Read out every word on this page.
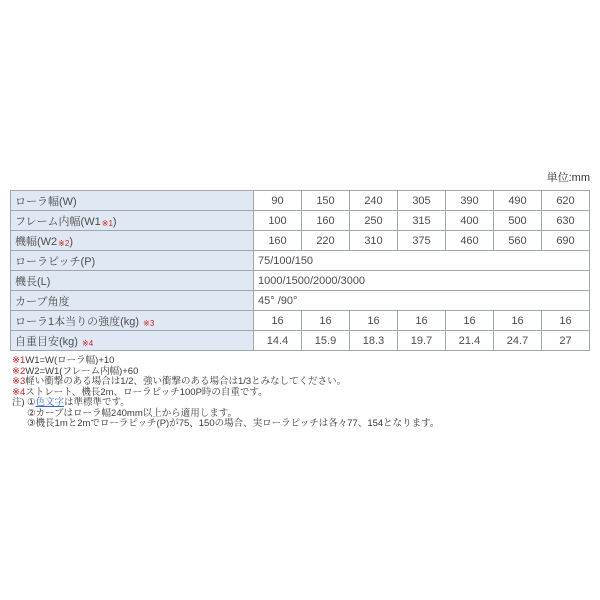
単位:mm
ローラ幅(W)	90	150	240	305	390	490	620
フレーム内幅(W1※1)	100	160	250	315	400	500	630
機幅(W2※2)	160	220	310	375	460	560	690
ローラピッチ(P)	75/100/150						
機長(L)	1000/1500/2000/3000						
カーブ角度	45° /90°						
ローラ1本当りの強度(kg) ※3	16	16	16	16	16	16	16
自重目安(kg) ※4	14.4	15.9	18.3	19.7	21.4	24.7	27
※1W1=W(ローラ幅)+10
※2W2=W1(フレーム内幅)+60
※3軽い衝撃のある場合は1/2、強い衝撃のある場合は1/3とみなしてください。
※4ストレート、機長2m、ローラピッチ100P時の自重です。
注) ①色文字は準標準です。
②カーブはローラ幅240mm以上から適用します。
③機長1mと2mでローラピッチ(P)が75、150の場合、実ローラピッチは各々77、154となります。
